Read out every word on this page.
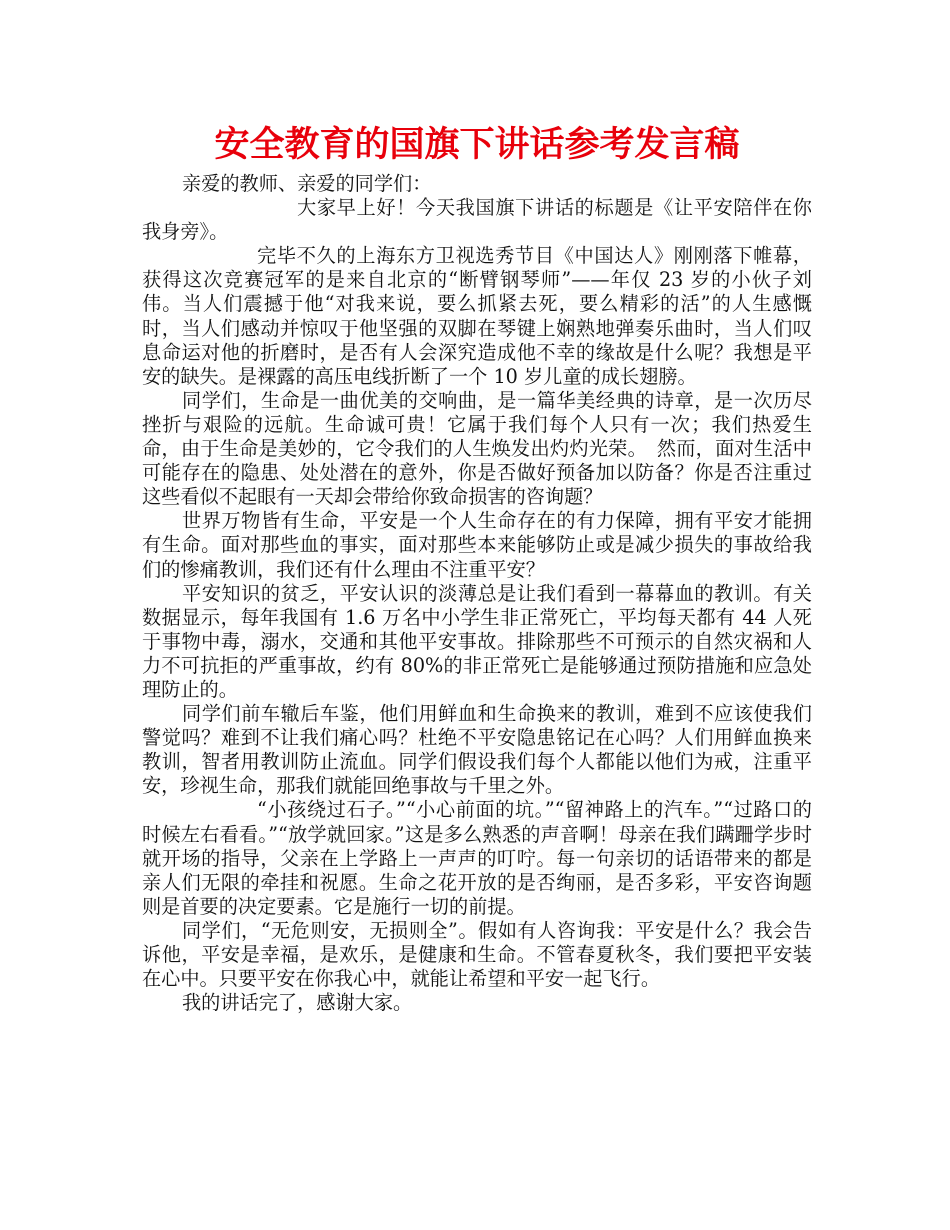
安全教育的国旗下讲话参考发言稿

亲爱的教师、亲爱的同学们：

大家早上好！今天我国旗下讲话的标题是《让平安陪伴在你我身旁》。

完毕不久的上海东方卫视选秀节目《中国达人》刚刚落下帷幕，获得这次竞赛冠军的是来自北京的“断臂钢琴师”——年仅 23 岁的小伙子刘伟。当人们震撼于他“对我来说，要么抓紧去死，要么精彩的活”的人生感慨时，当人们感动并惊叹于他坚强的双脚在琴键上娴熟地弹奏乐曲时，当人们叹息命运对他的折磨时，是否有人会深究造成他不幸的缘故是什么呢？我想是平安的缺失。是裸露的高压电线折断了一个 10 岁儿童的成长翅膀。

同学们，生命是一曲优美的交响曲，是一篇华美经典的诗章，是一次历尽挫折与艰险的远航。生命诚可贵！它属于我们每个人只有一次；我们热爱生命，由于生命是美妙的，它令我们的人生焕发出灼灼光荣。　然而，面对生活中可能存在的隐患、处处潜在的意外，你是否做好预备加以防备？你是否注重过这些看似不起眼有一天却会带给你致命损害的咨询题？

世界万物皆有生命，平安是一个人生命存在的有力保障，拥有平安才能拥有生命。面对那些血的事实，面对那些本来能够防止或是减少损失的事故给我们的惨痛教训，我们还有什么理由不注重平安？

平安知识的贫乏，平安认识的淡薄总是让我们看到一幕幕血的教训。有关数据显示，每年我国有 1.6 万名中小学生非正常死亡，平均每天都有 44 人死于事物中毒，溺水，交通和其他平安事故。排除那些不可预示的自然灾祸和人力不可抗拒的严重事故，约有 80%的非正常死亡是能够通过预防措施和应急处理防止的。

同学们前车辙后车鉴，他们用鲜血和生命换来的教训，难到不应该使我们警觉吗？难到不让我们痛心吗？杜绝不平安隐患铭记在心吗？人们用鲜血换来教训，智者用教训防止流血。同学们假设我们每个人都能以他们为戒，注重平安，珍视生命，那我们就能回绝事故与千里之外。

“小孩绕过石子。”“小心前面的坑。”“留神路上的汽车。”“过路口的时候左右看看。”“放学就回家。”这是多么熟悉的声音啊！母亲在我们蹒跚学步时就开场的指导，父亲在上学路上一声声的叮咛。每一句亲切的话语带来的都是亲人们无限的牵挂和祝愿。生命之花开放的是否绚丽，是否多彩，平安咨询题则是首要的决定要素。它是施行一切的前提。

同学们，“无危则安，无损则全”。假如有人咨询我：平安是什么？我会告诉他，平安是幸福，是欢乐，是健康和生命。不管春夏秋冬，我们要把平安装在心中。只要平安在你我心中，就能让希望和平安一起飞行。

我的讲话完了，感谢大家。
